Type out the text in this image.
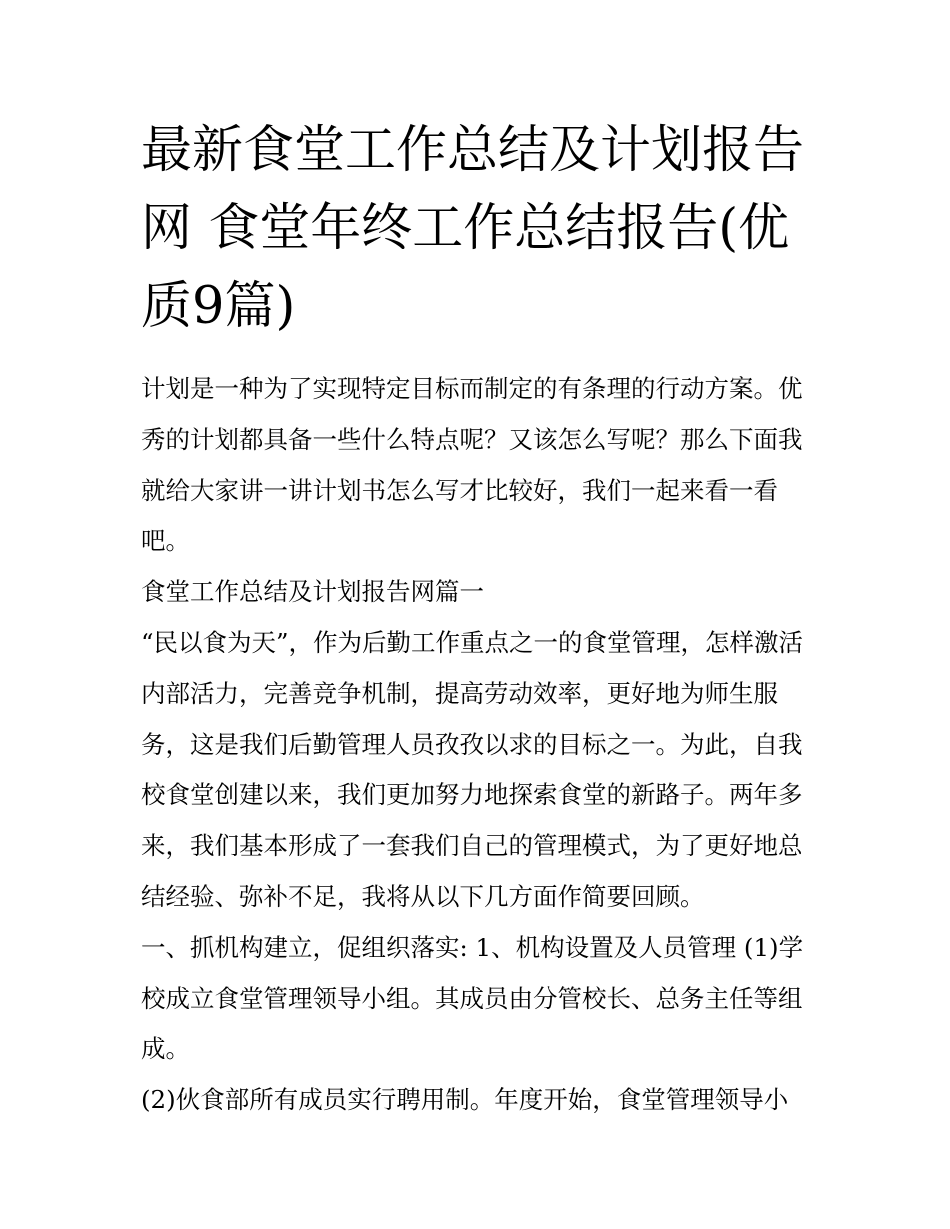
最新食堂工作总结及计划报告网 食堂年终工作总结报告(优质9篇)

计划是一种为了实现特定目标而制定的有条理的行动方案。优秀的计划都具备一些什么特点呢？又该怎么写呢？那么下面我就给大家讲一讲计划书怎么写才比较好，我们一起来看一看吧。

食堂工作总结及计划报告网篇一

“民以食为天”，作为后勤工作重点之一的食堂管理，怎样激活内部活力，完善竞争机制，提高劳动效率，更好地为师生服务，这是我们后勤管理人员孜孜以求的目标之一。为此，自我校食堂创建以来，我们更加努力地探索食堂的新路子。两年多来，我们基本形成了一套我们自己的管理模式，为了更好地总结经验、弥补不足，我将从以下几方面作简要回顾。

一、抓机构建立，促组织落实: 1、机构设置及人员管理 (1)学校成立食堂管理领导小组。其成员由分管校长、总务主任等组成。

(2)伙食部所有成员实行聘用制。年度开始，食堂管理领导小
